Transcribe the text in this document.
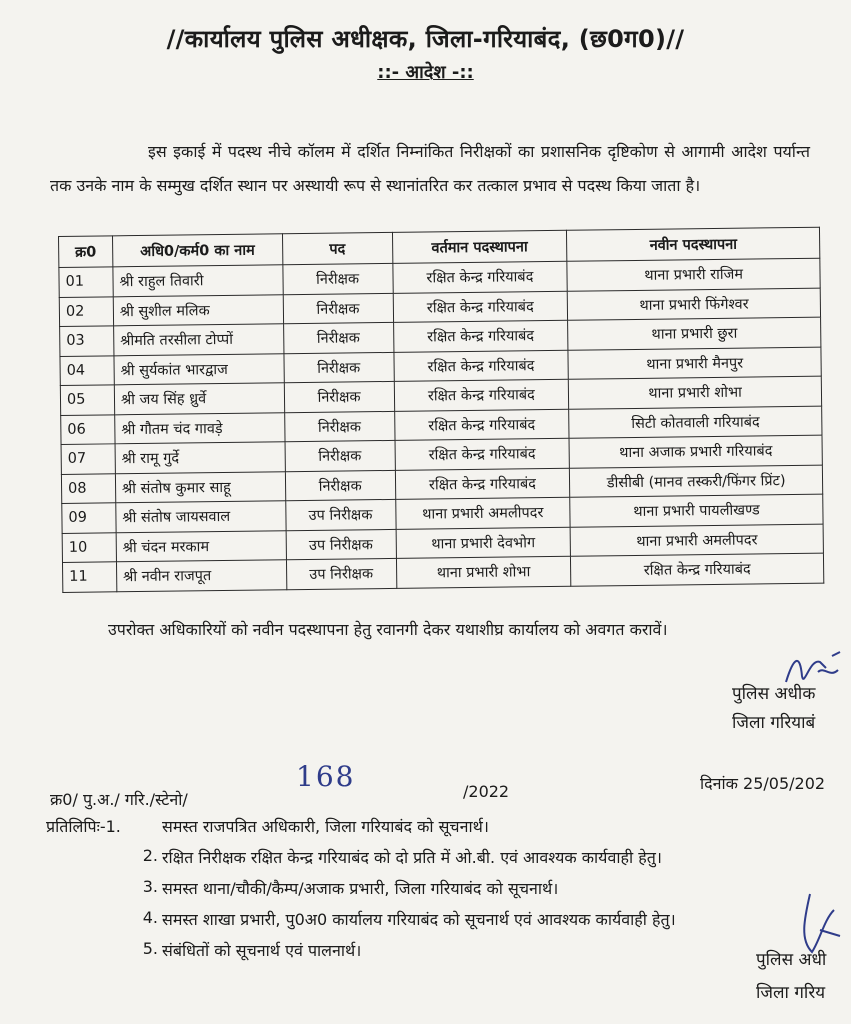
//कार्यालय पुलिस अधीक्षक, जिला-गरियाबंद, (छ0ग0)//
::- आदेश -::
इस इकाई में पदस्थ नीचे कॉलम में दर्शित निम्नांकित निरीक्षकों का प्रशासनिक दृष्टिकोण से आगामी आदेश पर्यान्त तक उनके नाम के सम्मुख दर्शित स्थान पर अस्थायी रूप से स्थानांतरित कर तत्काल प्रभाव से पदस्थ किया जाता है।
क्र0	अधि0/कर्म0 का नाम	पद	वर्तमान पदस्थापना	नवीन पदस्थापना
01	श्री राहुल तिवारी	निरीक्षक	रक्षित केन्द्र गरियाबंद	थाना प्रभारी राजिम
02	श्री सुशील मलिक	निरीक्षक	रक्षित केन्द्र गरियाबंद	थाना प्रभारी फिंगेश्वर
03	श्रीमति तरसीला टोप्पों	निरीक्षक	रक्षित केन्द्र गरियाबंद	थाना प्रभारी छुरा
04	श्री सुर्यकांत भारद्वाज	निरीक्षक	रक्षित केन्द्र गरियाबंद	थाना प्रभारी मैनपुर
05	श्री जय सिंह ध्रुर्वे	निरीक्षक	रक्षित केन्द्र गरियाबंद	थाना प्रभारी शोभा
06	श्री गौतम चंद गावड़े	निरीक्षक	रक्षित केन्द्र गरियाबंद	सिटी कोतवाली गरियाबंद
07	श्री रामू गुर्दे	निरीक्षक	रक्षित केन्द्र गरियाबंद	थाना अजाक प्रभारी गरियाबंद
08	श्री संतोष कुमार साहू	निरीक्षक	रक्षित केन्द्र गरियाबंद	डीसीबी (मानव तस्करी/फिंगर प्रिंट)
09	श्री संतोष जायसवाल	उप निरीक्षक	थाना प्रभारी अमलीपदर	थाना प्रभारी पायलीखण्ड
10	श्री चंदन मरकाम	उप निरीक्षक	थाना प्रभारी देवभोग	थाना प्रभारी अमलीपदर
11	श्री नवीन राजपूत	उप निरीक्षक	थाना प्रभारी शोभा	रक्षित केन्द्र गरियाबंद
उपरोक्त अधिकारियों को नवीन पदस्थापना हेतु रवानगी देकर यथाशीघ्र कार्यालय को अवगत करावें।
पुलिस अधीक
जिला गरियाबं
दिनांक 25/05/202
क्र0/ पु.अ./ गरि./स्टेनो/
168	/2022
प्रतिलिपिः-1.	समस्त राजपत्रित अधिकारी, जिला गरियाबंद को सूचनार्थ।
2. रक्षित निरीक्षक रक्षित केन्द्र गरियाबंद को दो प्रति में ओ.बी. एवं आवश्यक कार्यवाही हेतु।
3. समस्त थाना/चौकी/कैम्प/अजाक प्रभारी, जिला गरियाबंद को सूचनार्थ।
4. समस्त शाखा प्रभारी, पु0अ0 कार्यालय गरियाबंद को सूचनार्थ एवं आवश्यक कार्यवाही हेतु।
5. संबंधितों को सूचनार्थ एवं पालनार्थ।	पुलिस अधी
जिला गरिय
